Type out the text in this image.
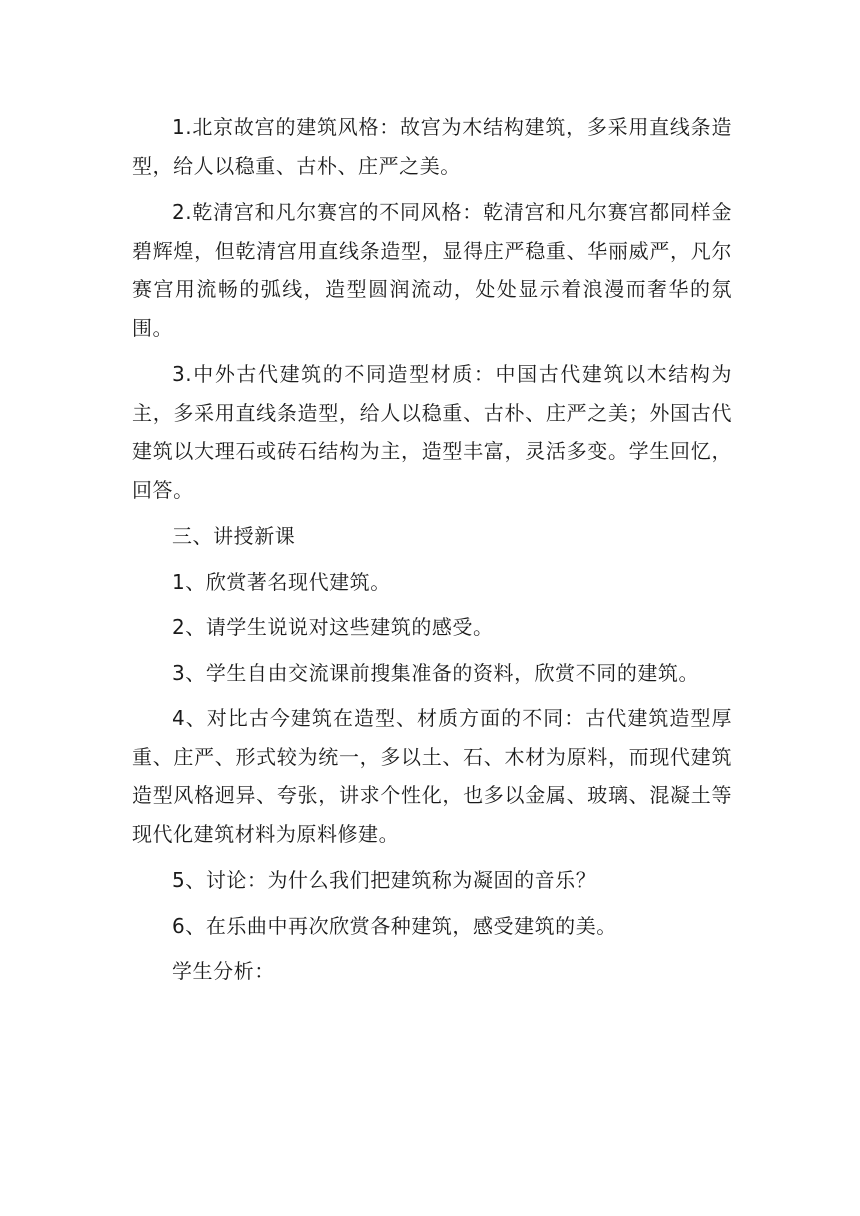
1.北京故宫的建筑风格：故宫为木结构建筑，多采用直线条造型，给人以稳重、古朴、庄严之美。

2.乾清宫和凡尔赛宫的不同风格：乾清宫和凡尔赛宫都同样金碧辉煌，但乾清宫用直线条造型，显得庄严稳重、华丽威严，凡尔赛宫用流畅的弧线，造型圆润流动，处处显示着浪漫而奢华的氛围。

3.中外古代建筑的不同造型材质：中国古代建筑以木结构为主，多采用直线条造型，给人以稳重、古朴、庄严之美；外国古代建筑以大理石或砖石结构为主，造型丰富，灵活多变。学生回忆，回答。

三、讲授新课

1、欣赏著名现代建筑。

2、请学生说说对这些建筑的感受。

3、学生自由交流课前搜集准备的资料，欣赏不同的建筑。

4、对比古今建筑在造型、材质方面的不同：古代建筑造型厚重、庄严、形式较为统一，多以土、石、木材为原料，而现代建筑造型风格迥异、夸张，讲求个性化，也多以金属、玻璃、混凝土等现代化建筑材料为原料修建。

5、讨论：为什么我们把建筑称为凝固的音乐？

6、在乐曲中再次欣赏各种建筑，感受建筑的美。

学生分析：
